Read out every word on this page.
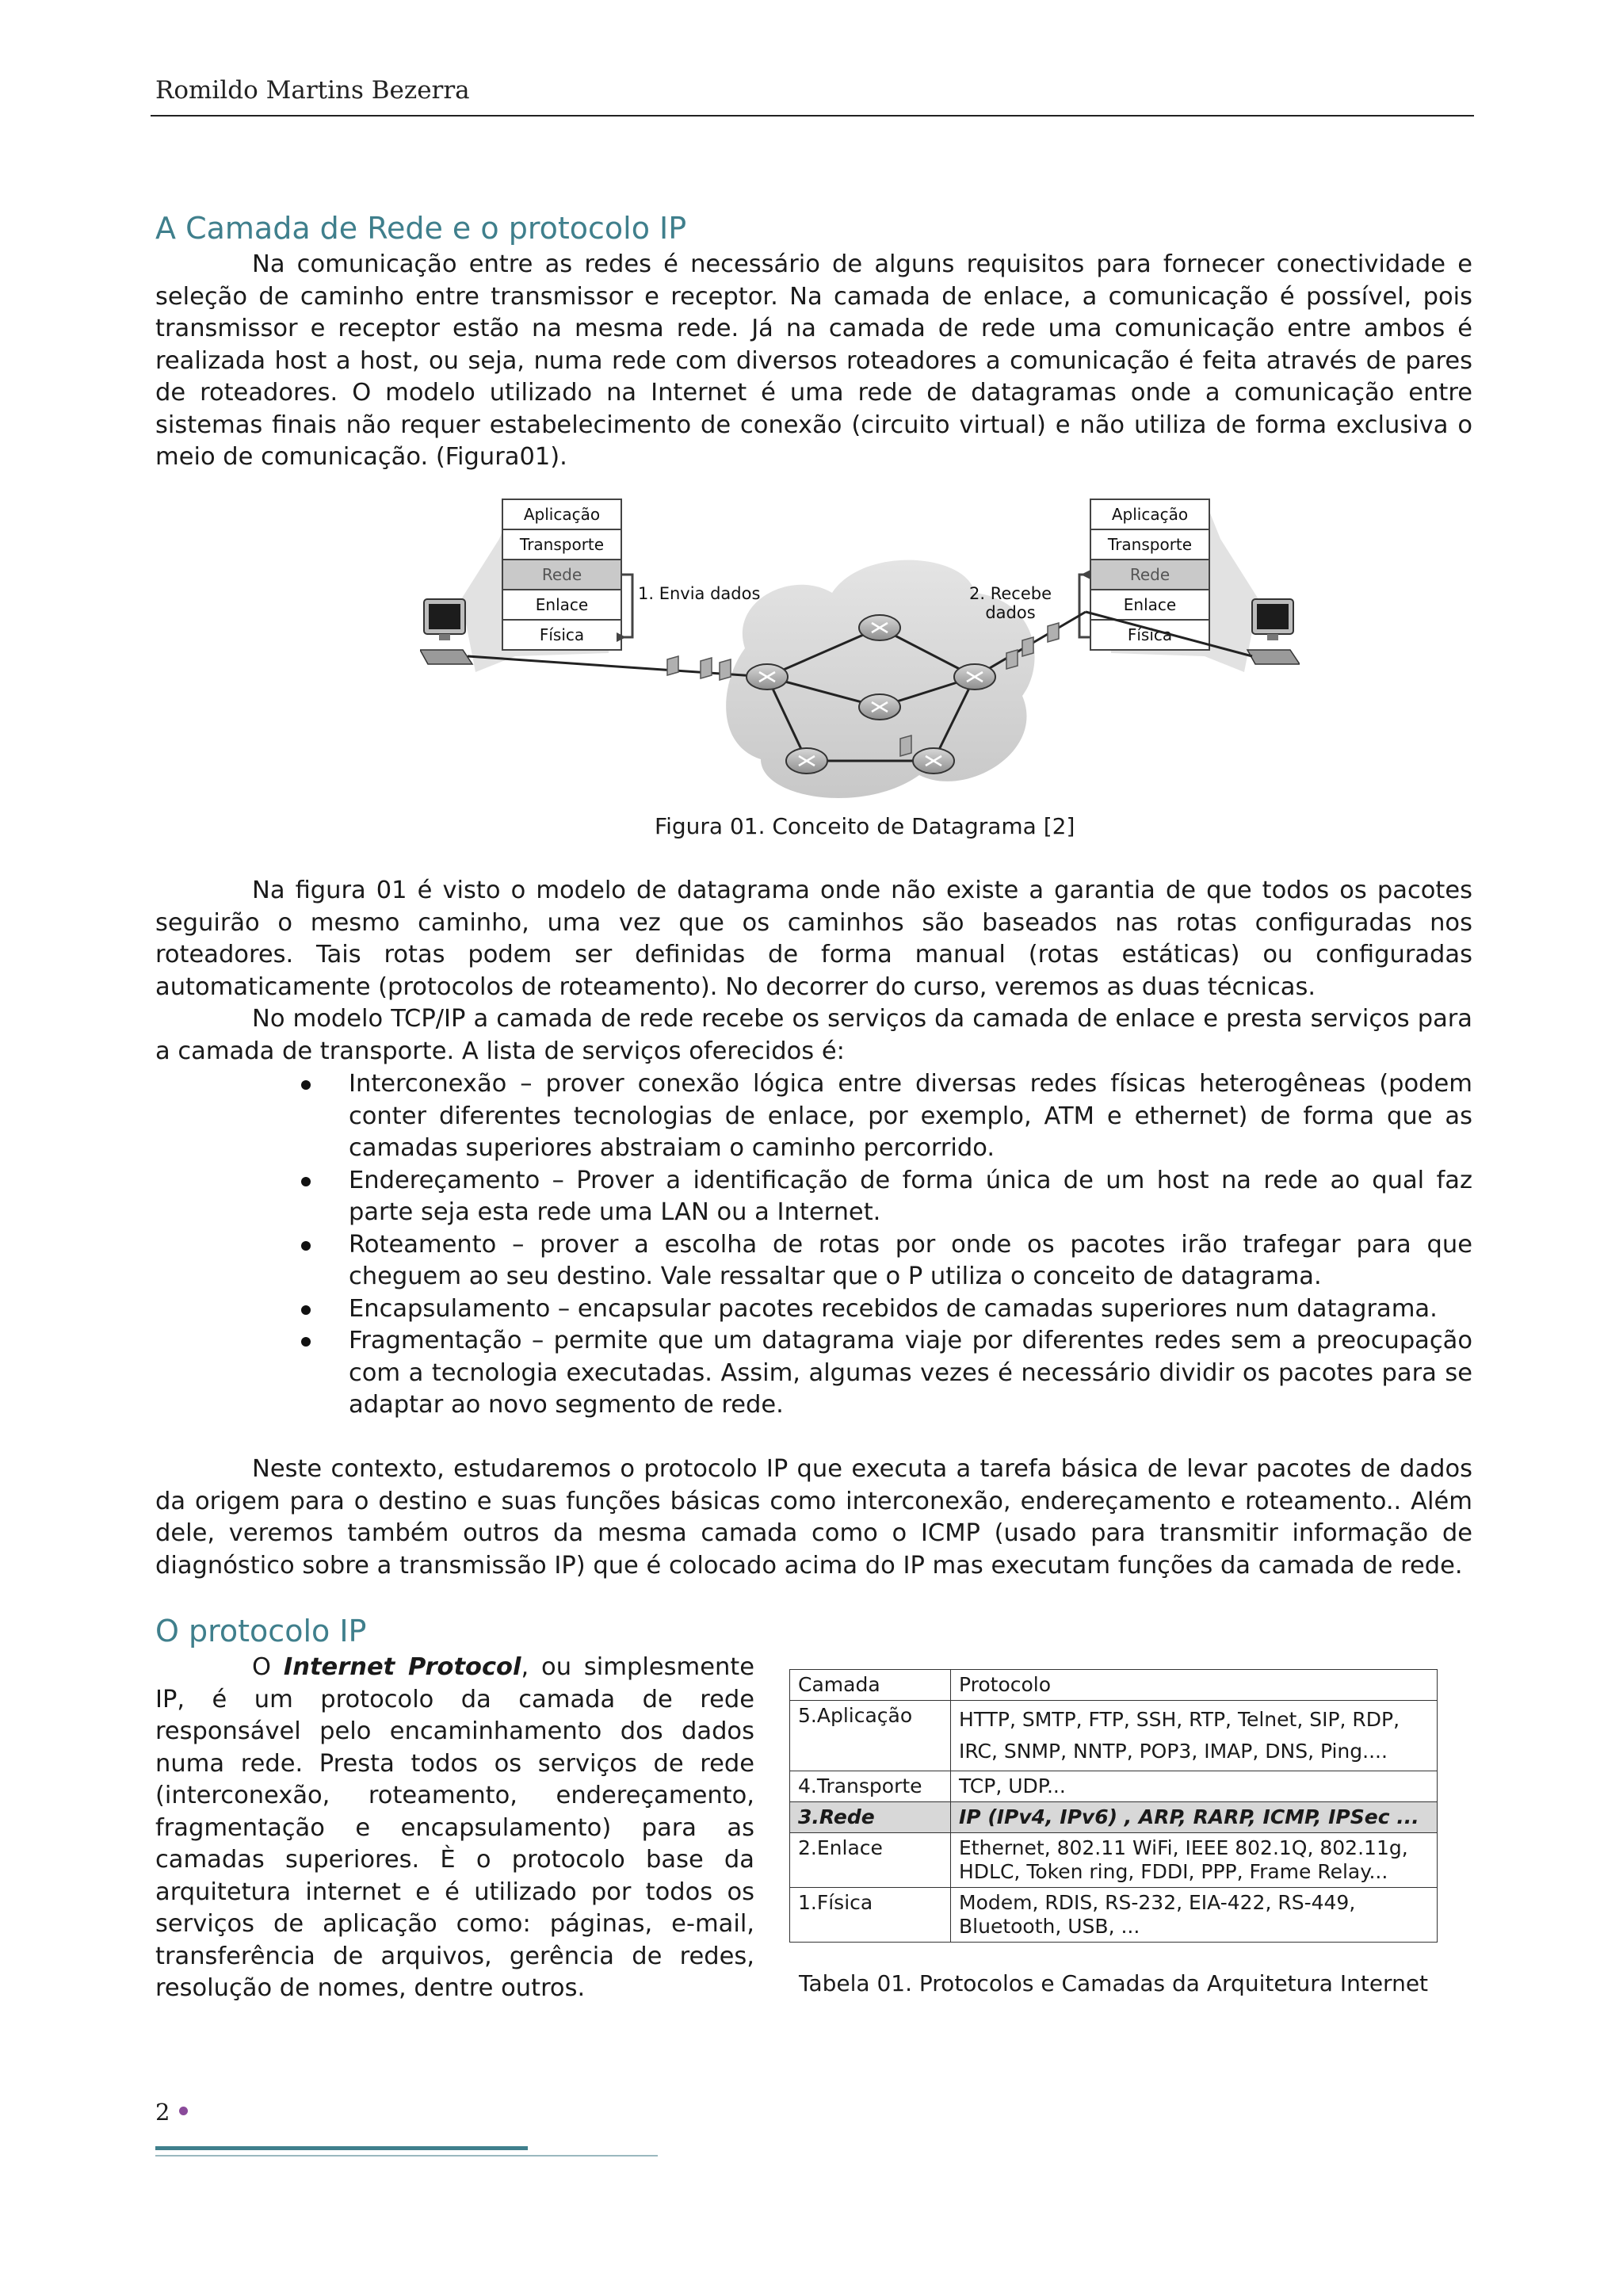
Romildo Martins Bezerra
A Camada de Rede e o protocolo IP

Na comunicação entre as redes é necessário de alguns requisitos para fornecer conectividade e seleção de caminho entre transmissor e receptor. Na camada de enlace, a comunicação é possível, pois transmissor e receptor estão na mesma rede. Já na camada de rede uma comunicação entre ambos é realizada host a host, ou seja, numa rede com diversos roteadores a comunicação é feita através de pares de roteadores. O modelo utilizado na Internet é uma rede de datagramas onde a comunicação entre sistemas finais não requer estabelecimento de conexão (circuito virtual) e não utiliza de forma exclusiva o meio de comunicação. (Figura01).

Aplicação
Transporte
Rede
Enlace
Física
Aplicação
Transporte
Rede
Enlace
Física
1. Envia dados	2. Recebe
dados
Figura 01. Conceito de Datagrama [2]

Na figura 01 é visto o modelo de datagrama onde não existe a garantia de que todos os pacotes seguirão o mesmo caminho, uma vez que os caminhos são baseados nas rotas configuradas nos roteadores. Tais rotas podem ser definidas de forma manual (rotas estáticas) ou configuradas automaticamente (protocolos de roteamento). No decorrer do curso, veremos as duas técnicas.

No modelo TCP/IP a camada de rede recebe os serviços da camada de enlace e presta serviços para a camada de transporte. A lista de serviços oferecidos é:

Interconexão – prover conexão lógica entre diversas redes físicas heterogêneas (podem conter diferentes tecnologias de enlace, por exemplo, ATM e ethernet) de forma que as camadas superiores abstraiam o caminho percorrido.
Endereçamento – Prover a identificação de forma única de um host na rede ao qual faz parte seja esta rede uma LAN ou a Internet.
Roteamento – prover a escolha de rotas por onde os pacotes irão trafegar para que cheguem ao seu destino. Vale ressaltar que o P utiliza o conceito de datagrama.
Encapsulamento – encapsular pacotes recebidos de camadas superiores num datagrama.
Fragmentação – permite que um datagrama viaje por diferentes redes sem a preocupação com a tecnologia executadas. Assim, algumas vezes é necessário dividir os pacotes para se adaptar ao novo segmento de rede.

Neste contexto, estudaremos o protocolo IP que executa a tarefa básica de levar pacotes de dados da origem para o destino e suas funções básicas como interconexão, endereçamento e roteamento.. Além dele, veremos também outros da mesma camada como o ICMP (usado para transmitir informação de diagnóstico sobre a transmissão IP) que é colocado acima do IP mas executam funções da camada de rede.

O protocolo IP

O Internet Protocol, ou simplesmente IP, é um protocolo da camada de rede responsável pelo encaminhamento dos dados numa rede. Presta todos os serviços de rede (interconexão, roteamento, endereçamento, fragmentação e encapsulamento) para as camadas superiores. È o protocolo base da arquitetura internet e é utilizado por todos os serviços de aplicação como: páginas, e-mail, transferência de arquivos, gerência de redes, resolução de nomes, dentre outros.

Camada	Protocolo
5.Aplicação	HTTP, SMTP, FTP, SSH, RTP, Telnet, SIP, RDP, IRC, SNMP, NNTP, POP3, IMAP, DNS, Ping....
4.Transporte	TCP, UDP...
3.Rede	IP (IPv4, IPv6) , ARP, RARP, ICMP, IPSec ...
2.Enlace	Ethernet, 802.11 WiFi, IEEE 802.1Q, 802.11g, HDLC, Token ring, FDDI, PPP, Frame Relay...
1.Física	Modem, RDIS, RS-232, EIA-422, RS-449, Bluetooth, USB, ...
Tabela 01. Protocolos e Camadas da Arquitetura Internet
2
